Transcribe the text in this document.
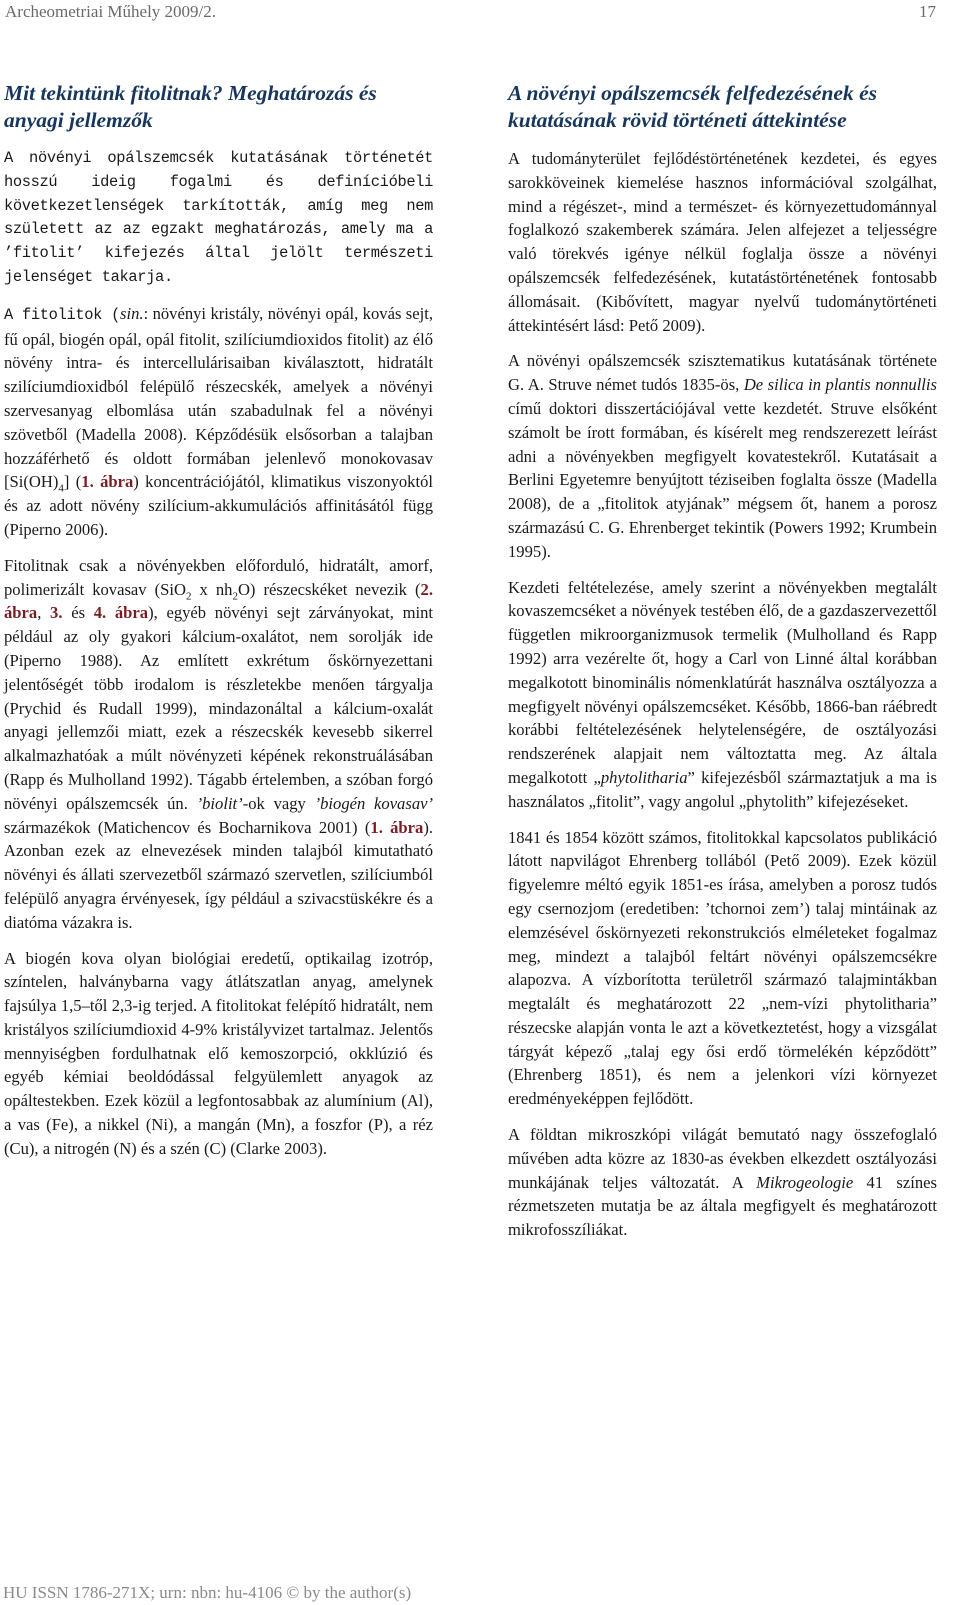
Archeometriai Műhely 2009/2.	17
Mit tekintünk fitolitnak? Meghatározás és anyagi jellemzők

A növényi opálszemcsék kutatásának történetét hosszú ideig fogalmi és definícióbeli következetlenségek tarkították, amíg meg nem született az az egzakt meghatározás, amely ma a ’fitolit’ kifejezés által jelölt természeti jelenséget takarja.

A fitolitok (sin.: növényi kristály, növényi opál, kovás sejt, fű opál, biogén opál, opál fitolit, szilíciumdioxidos fitolit) az élő növény intra- és intercellulárisaiban kiválasztott, hidratált szilíciumdioxidból felépülő részecskék, amelyek a növényi szervesanyag elbomlása után szabadulnak fel a növényi szövetből (Madella 2008). Képződésük elsősorban a talajban hozzáférhető és oldott formában jelenlevő monokovasav $[Si(OH)_4]$ (1. ábra) koncentrációjától, klimatikus viszonyoktól és az adott növény szilícium-akkumulációs affinitásától függ (Piperno 2006).

Fitolitnak csak a növényekben előforduló, hidratált, amorf, polimerizált kovasav (SiO$_2$ x $nh_2O$) részecskéket nevezik (2. ábra, 3. és 4. ábra), egyéb növényi sejt zárványokat, mint például az oly gyakori kálcium-oxalátot, nem sorolják ide (Piperno 1988). Az említett exkrétum őskörnyezettani jelentőségét több irodalom is részletekbe menően tárgyalja (Prychid és Rudall 1999), mindazonáltal a kálcium-oxalát anyagi jellemzői miatt, ezek a részecskék kevesebb sikerrel alkalmazhatóak a múlt növényzeti képének rekonstruálásában (Rapp és Mulholland 1992). Tágabb értelemben, a szóban forgó növényi opálszemcsék ún. ’biolit’-ok vagy ’biogén kovasav’ származékok (Matichencov és Bocharnikova 2001) (1. ábra). Azonban ezek az elnevezések minden talajból kimutatható növényi és állati szervezetből származó szervetlen, szilíciumból felépülő anyagra érvényesek, így például a szivacstüskékre és a diatóma vázakra is.

A biogén kova olyan biológiai eredetű, optikailag izotróp, színtelen, halványbarna vagy átlátszatlan anyag, amelynek fajsúlya 1,5–től 2,3-ig terjed. A fitolitokat felépítő hidratált, nem kristályos szilíciumdioxid 4-9% kristályvizet tartalmaz. Jelentős mennyiségben fordulhatnak elő kemoszorpció, okklúzió és egyéb kémiai beoldódással felgyülemlett anyagok az opáltestekben. Ezek közül a legfontosabbak az alumínium (Al), a vas (Fe), a nikkel (Ni), a mangán (Mn), a foszfor (P), a réz (Cu), a nitrogén (N) és a szén (C) (Clarke 2003).

A növényi opálszemcsék felfedezésének és kutatásának rövid történeti áttekintése

A tudományterület fejlődéstörténetének kezdetei, és egyes sarokköveinek kiemelése hasznos információval szolgálhat, mind a régészet-, mind a természet- és környezettudománnyal foglalkozó szakemberek számára. Jelen alfejezet a teljességre való törekvés igénye nélkül foglalja össze a növényi opálszemcsék felfedezésének, kutatástörténetének fontosabb állomásait. (Kibővített, magyar nyelvű tudománytörténeti áttekintésért lásd: Pető 2009).

A növényi opálszemcsék szisztematikus kutatásának története G. A. Struve német tudós 1835-ös, De silica in plantis nonnullis című doktori disszertációjával vette kezdetét. Struve elsőként számolt be írott formában, és kísérelt meg rendszerezett leírást adni a növényekben megfigyelt kovatestekről. Kutatásait a Berlini Egyetemre benyújtott téziseiben foglalta össze (Madella 2008), de a „fitolitok atyjának” mégsem őt, hanem a porosz származású C. G. Ehrenberget tekintik (Powers 1992; Krumbein 1995).

Kezdeti feltételezése, amely szerint a növényekben megtalált kovaszemcséket a növények testében élő, de a gazdaszervezettől független mikroorganizmusok termelik (Mulholland és Rapp 1992) arra vezérelte őt, hogy a Carl von Linné által korábban megalkotott binominális nómenklatúrát használva osztályozza a megfigyelt növényi opálszemcséket. Később, 1866-ban ráébredt korábbi feltételezésének helytelenségére, de osztályozási rendszerének alapjait nem változtatta meg. Az általa megalkotott „phytolitharia” kifejezésből származtatjuk a ma is használatos „fitolit”, vagy angolul „phytolith” kifejezéseket.

1841 és 1854 között számos, fitolitokkal kapcsolatos publikáció látott napvilágot Ehrenberg tollából (Pető 2009). Ezek közül figyelemre méltó egyik 1851-es írása, amelyben a porosz tudós egy csernozjom (eredetiben: ’tchornoi zem’) talaj mintáinak az elemzésével őskörnyezeti rekonstrukciós elméleteket fogalmaz meg, mindezt a talajból feltárt növényi opálszemcsékre alapozva. A vízborította területről származó talajmintákban megtalált és meghatározott 22 „nem-vízi phytolitharia” részecske alapján vonta le azt a következtetést, hogy a vizsgálat tárgyát képező „talaj egy ősi erdő törmelékén képződött” (Ehrenberg 1851), és nem a jelenkori vízi környezet eredményeképpen fejlődött.

A földtan mikroszkópi világát bemutató nagy összefoglaló művében adta közre az 1830-as években elkezdett osztályozási munkájának teljes változatát. A Mikrogeologie 41 színes rézmetszeten mutatja be az általa megfigyelt és meghatározott mikrofosszíliákat.

HU ISSN 1786-271X; urn: nbn: hu-4106 © by the author(s)
